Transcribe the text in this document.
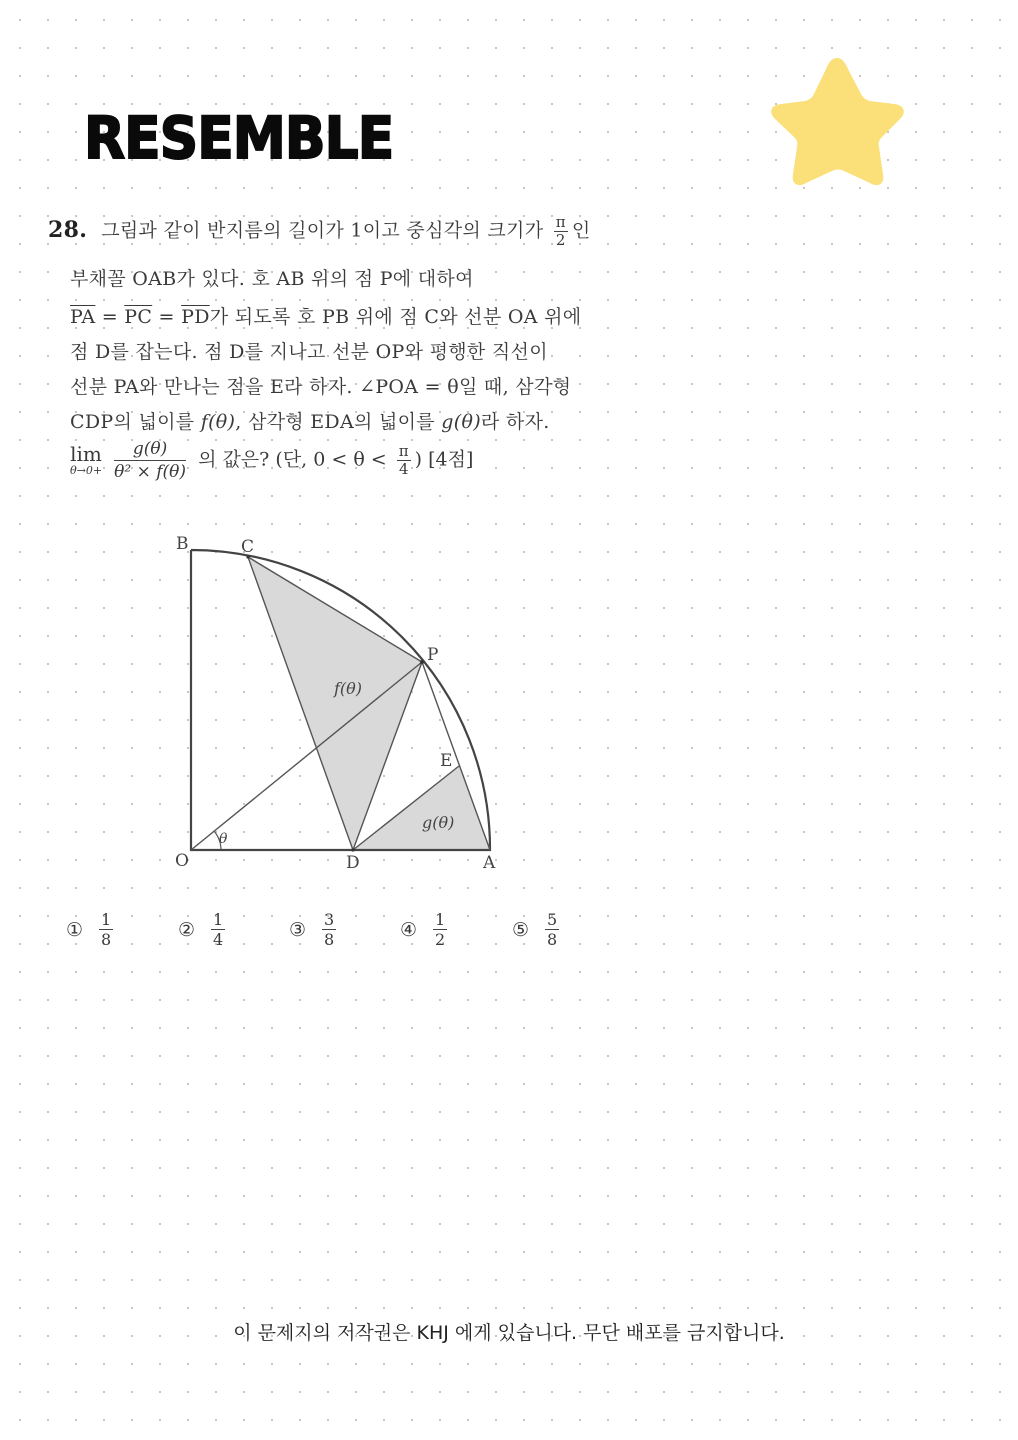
RESEMBLE
28. 그림과 같이 반지름의 길이가 1이고 중심각의 크기가 $\frac{\pi}{2}$ 인
부채꼴 OAB가 있다. 호 AB 위의 점 P에 대하여
$\overline{PA} = \overline{PC} = \overline{PD}$가 되도록 호 PB 위에 점 C와 선분 OA 위에
점 D를 잡는다. 점 D를 지나고 선분 OP와 평행한 직선이
선분 PA와 만나는 점을 E라 하자. ∠POA = θ일 때, 삼각형
CDP의 넓이를 f(θ), 삼각형 EDA의 넓이를 g(θ)라 하자.
lim
θ→0+
$\frac{g(\theta)}{\text{θ² × f(θ)}}$ 의 값은? (단, $0 < \theta < \frac{\pi}{4}$ ) [4점]
B	C
P
E
O	D	A
θ
f(θ)
g(θ)
① $\frac{1}{8}$	② $\frac{1}{4}$	③ $\frac{3}{8}$	④ $\frac{1}{2}$	⑤ $\frac{5}{8}$
이 문제지의 저작권은 KHJ 에게 있습니다. 무단 배포를 금지합니다.
